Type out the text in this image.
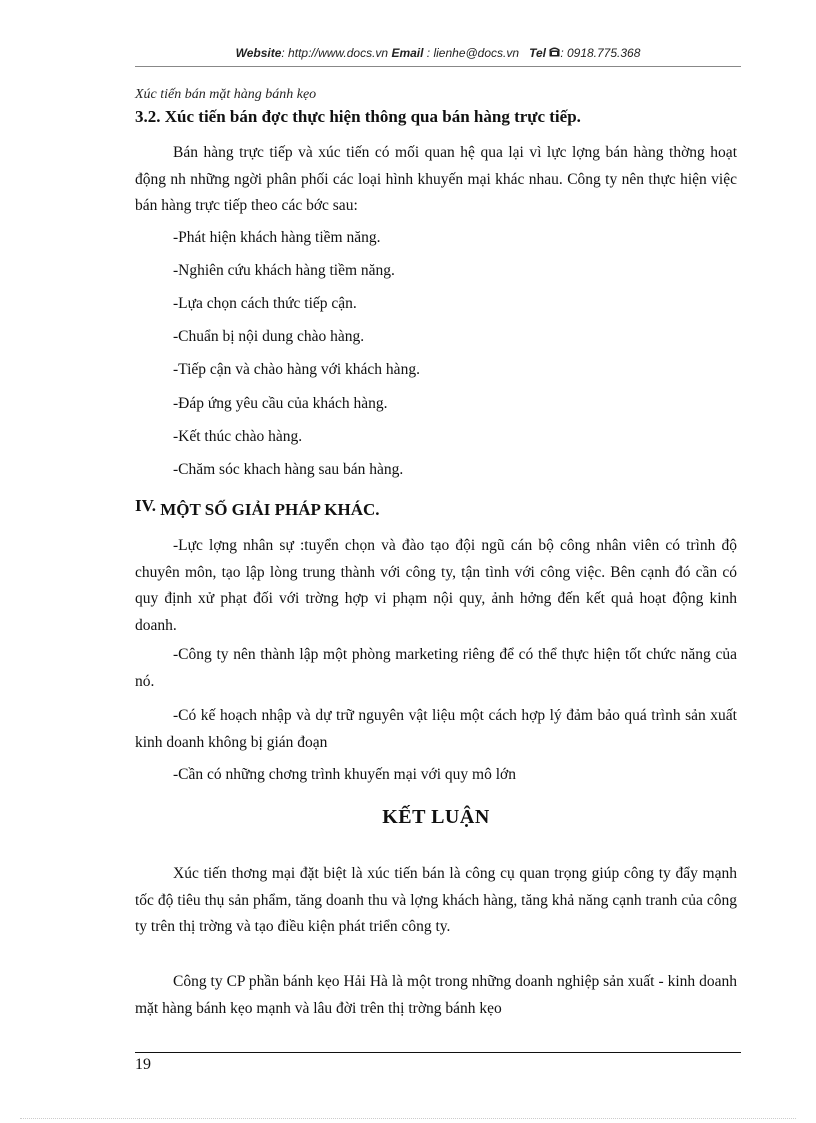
Website: http://www.docs.vn Email : lienhe@docs.vn Tel : 0918.775.368
Xúc tiến bán mặt hàng bánh kẹo
3.2. Xúc tiến bán đợc thực hiện thông qua bán hàng trực tiếp.

Bán hàng trực tiếp và xúc tiến có mối quan hệ qua lại vì lực lợng bán hàng thờng hoạt động nh những ngời phân phối các loại hình khuyến mại khác nhau. Công ty nên thực hiện việc bán hàng trực tiếp theo các bớc sau:

-Phát hiện khách hàng tiềm năng.
-Nghiên cứu khách hàng tiềm năng.
-Lựa chọn cách thức tiếp cận.
-Chuẩn bị nội dung chào hàng.
-Tiếp cận và chào hàng với khách hàng.
-Đáp ứng yêu cầu của khách hàng.
-Kết thúc chào hàng.
-Chăm sóc khach hàng sau bán hàng.
IV. MỘT SỐ GIẢI PHÁP KHÁC.

-Lực lợng nhân sự :tuyển chọn và đào tạo đội ngũ cán bộ công nhân viên có trình độ chuyên môn, tạo lập lòng trung thành với công ty, tận tình với công việc. Bên cạnh đó cần có quy định xử phạt đối với trờng hợp vi phạm nội quy, ảnh hởng đến kết quả hoạt động kinh doanh.

-Công ty nên thành lập một phòng marketing riêng để có thể thực hiện tốt chức năng của nó.

-Có kế hoạch nhập và dự trữ nguyên vật liệu một cách hợp lý đảm bảo quá trình sản xuất kinh doanh không bị gián đoạn

-Cần có những chơng trình khuyến mại với quy mô lớn

KẾT LUẬN

Xúc tiến thơng mại đặt biệt là xúc tiến bán là công cụ quan trọng giúp công ty đẩy mạnh tốc độ tiêu thụ sản phẩm, tăng doanh thu và lợng khách hàng, tăng khả năng cạnh tranh của công ty trên thị trờng và tạo điều kiện phát triển công ty.

Công ty CP phần bánh kẹo Hải Hà là một trong những doanh nghiệp sản xuất - kinh doanh mặt hàng bánh kẹo mạnh và lâu đời trên thị trờng bánh kẹo

19
